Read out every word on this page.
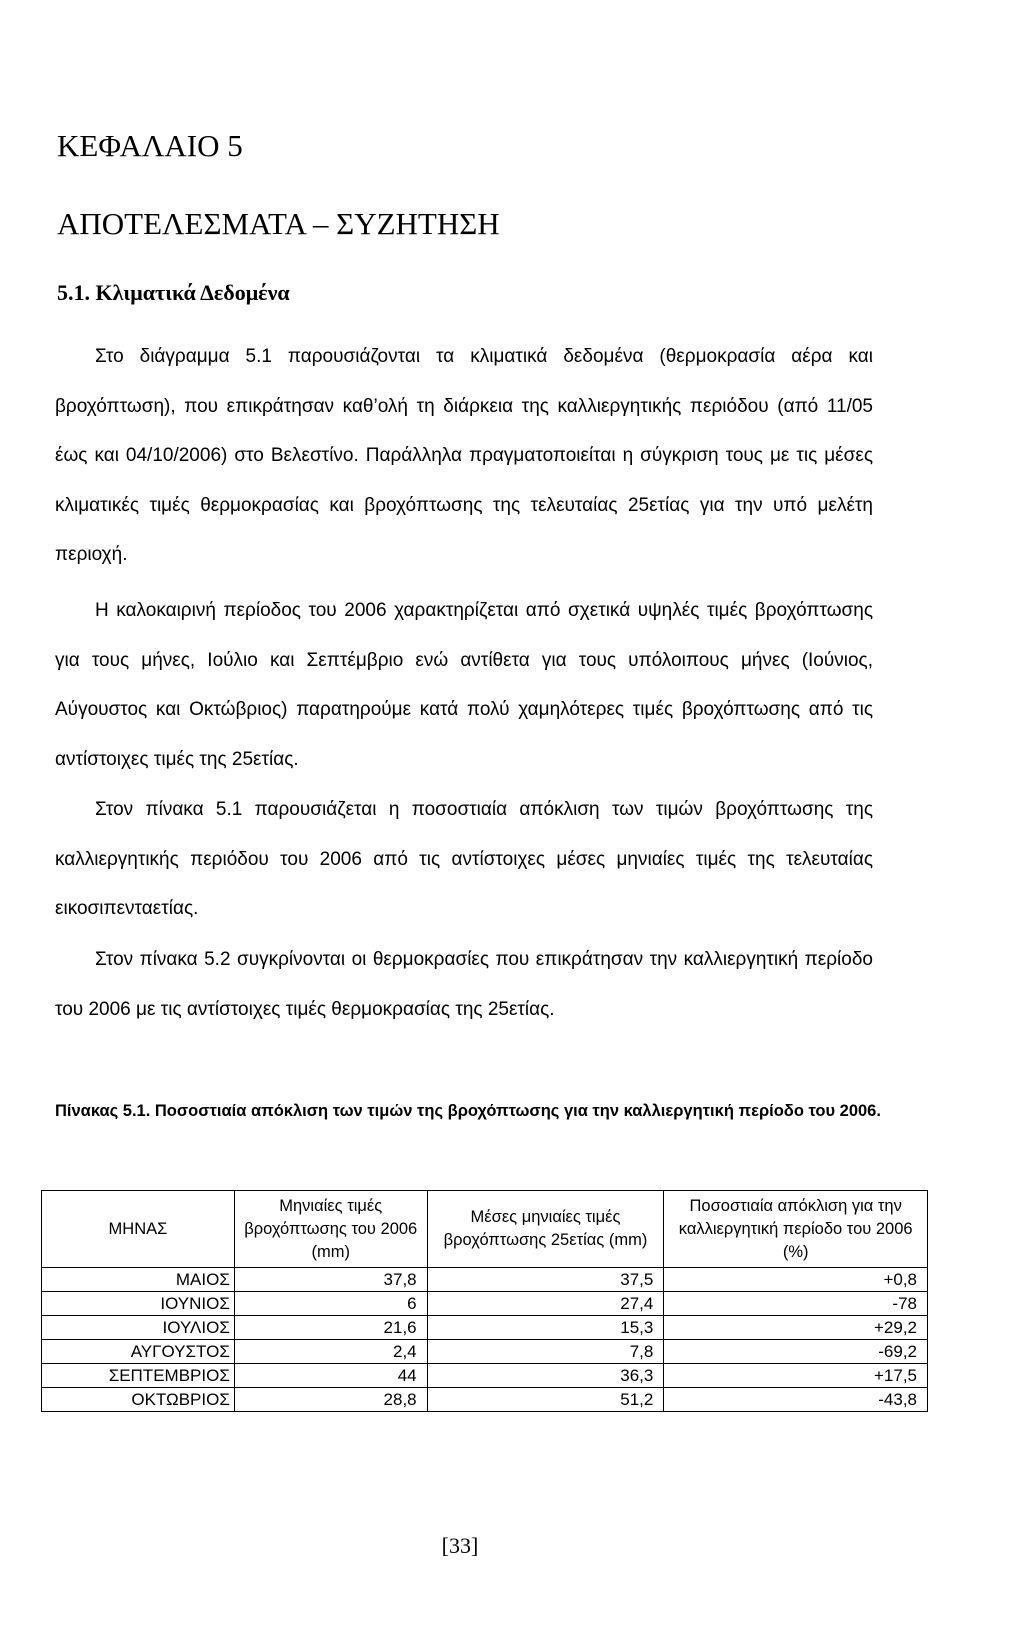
ΚΕΦΑΛΑΙΟ 5
ΑΠΟΤΕΛΕΣΜΑΤΑ – ΣΥΖΗΤΗΣΗ
5.1. Κλιματικά Δεδομένα
Στο διάγραμμα 5.1 παρουσιάζονται τα κλιματικά δεδομένα (θερμοκρασία αέρα και βροχόπτωση), που επικράτησαν καθ’ολή τη διάρκεια της καλλιεργητικής περιόδου (από 11/05 έως και 04/10/2006) στο Βελεστίνο. Παράλληλα πραγματοποιείται η σύγκριση τους με τις μέσες κλιματικές τιμές θερμοκρασίας και βροχόπτωσης της τελευταίας 25ετίας για την υπό μελέτη περιοχή.
Η καλοκαιρινή περίοδος του 2006 χαρακτηρίζεται από σχετικά υψηλές τιμές βροχόπτωσης για τους μήνες, Ιούλιο και Σεπτέμβριο ενώ αντίθετα για τους υπόλοιπους μήνες (Ιούνιος, Αύγουστος και Οκτώβριος) παρατηρούμε κατά πολύ χαμηλότερες τιμές βροχόπτωσης από τις αντίστοιχες τιμές της 25ετίας.
Στον πίνακα 5.1 παρουσιάζεται η ποσοστιαία απόκλιση των τιμών βροχόπτωσης της καλλιεργητικής περιόδου του 2006 από τις αντίστοιχες μέσες μηνιαίες τιμές της τελευταίας εικοσιπενταετίας.
Στον πίνακα 5.2 συγκρίνονται οι θερμοκρασίες που επικράτησαν την καλλιεργητική περίοδο του 2006 με τις αντίστοιχες τιμές θερμοκρασίας της 25ετίας.
Πίνακας 5.1. Ποσοστιαία απόκλιση των τιμών της βροχόπτωσης για την καλλιεργητική περίοδο του 2006.
ΜΗΝΑΣ	Μηνιαίες τιμές βροχόπτωσης του 2006 (mm)	Μέσες μηνιαίες τιμές βροχόπτωσης 25ετίας (mm)	Ποσοστιαία απόκλιση για την καλλιεργητική περίοδο του 2006 (%)
ΜΑΙΟΣ	37,8	37,5	+0,8
ΙΟΥΝΙΟΣ	6	27,4	-78
ΙΟΥΛΙΟΣ	21,6	15,3	+29,2
ΑΥΓΟΥΣΤΟΣ	2,4	7,8	-69,2
ΣΕΠΤΕΜΒΡΙΟΣ	44	36,3	+17,5
ΟΚΤΩΒΡΙΟΣ	28,8	51,2	-43,8
[33]
